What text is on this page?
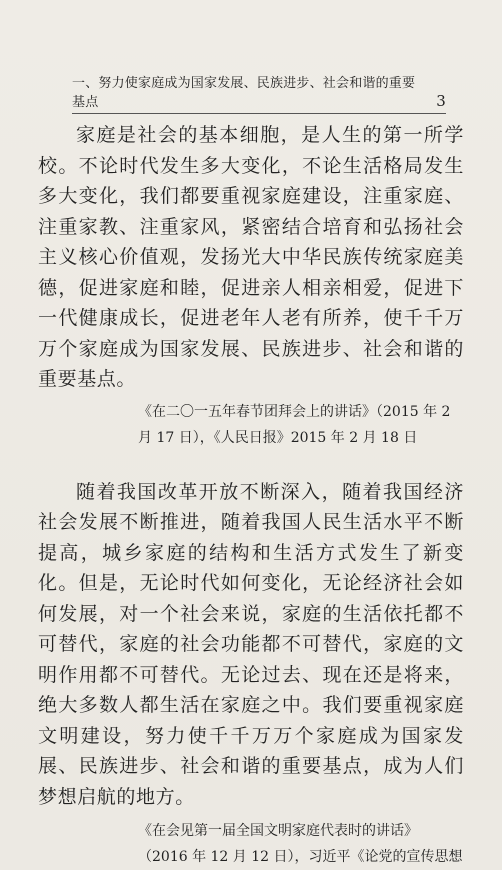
一、努力使家庭成为国家发展、民族进步、社会和谐的重要基点	3

家庭是社会的基本细胞，是人生的第一所学校。不论时代发生多大变化，不论生活格局发生多大变化，我们都要重视家庭建设，注重家庭、注重家教、注重家风，紧密结合培育和弘扬社会主义核心价值观，发扬光大中华民族传统家庭美德，促进家庭和睦，促进亲人相亲相爱，促进下一代健康成长，促进老年人老有所养，使千千万万个家庭成为国家发展、民族进步、社会和谐的重要基点。

《在二〇一五年春节团拜会上的讲话》（2015 年 2
月 17 日），《人民日报》2015 年 2 月 18 日

随着我国改革开放不断深入，随着我国经济社会发展不断推进，随着我国人民生活水平不断提高，城乡家庭的结构和生活方式发生了新变化。但是，无论时代如何变化，无论经济社会如何发展，对一个社会来说，家庭的生活依托都不可替代，家庭的社会功能都不可替代，家庭的文明作用都不可替代。无论过去、现在还是将来，绝大多数人都生活在家庭之中。我们要重视家庭文明建设，努力使千千万万个家庭成为国家发展、民族进步、社会和谐的重要基点，成为人们梦想启航的地方。

《在会见第一届全国文明家庭代表时的讲话》
（2016 年 12 月 12 日），习近平《论党的宣传思想
